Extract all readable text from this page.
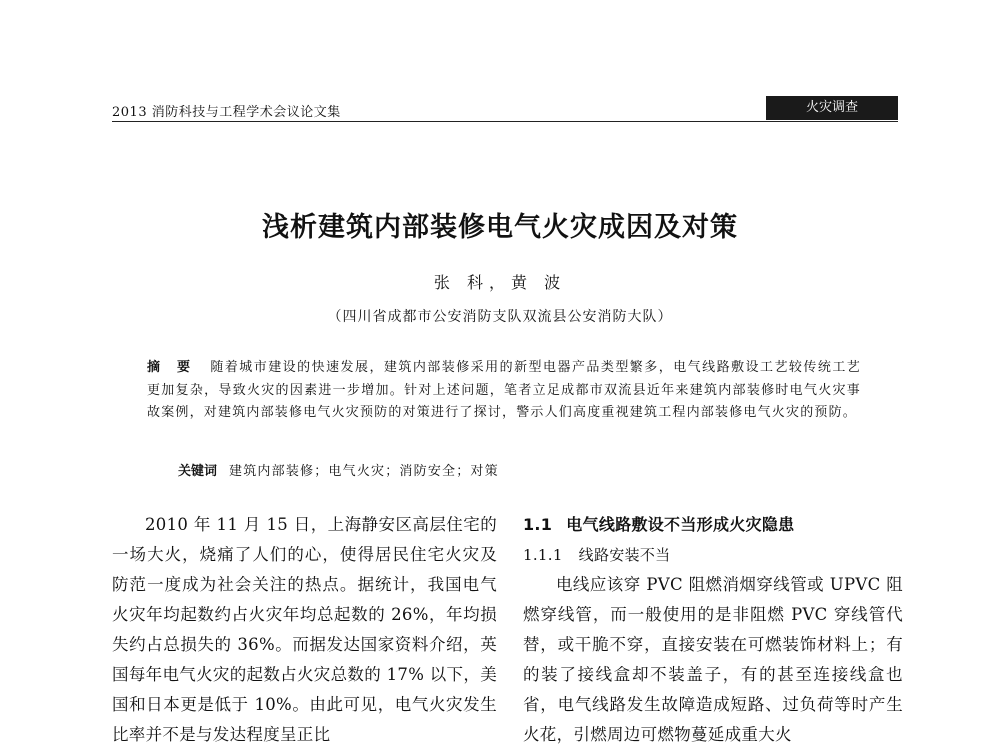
2013 消防科技与工程学术会议论文集	火灾调查
浅析建筑内部装修电气火灾成因及对策
张 科，黄 波
（四川省成都市公安消防支队双流县公安消防大队）
摘 要 随着城市建设的快速发展，建筑内部装修采用的新型电器产品类型繁多，电气线路敷设工艺较传统工艺更加复杂，导致火灾的因素进一步增加。针对上述问题，笔者立足成都市双流县近年来建筑内部装修时电气火灾事故案例，对建筑内部装修电气火灾预防的对策进行了探讨，警示人们高度重视建筑工程内部装修电气火灾的预防。
关键词 建筑内部装修；电气火灾；消防安全；对策

2010 年 11 月 15 日，上海静安区高层住宅的一场大火，烧痛了人们的心，使得居民住宅火灾及防范一度成为社会关注的热点。据统计，我国电气火灾年均起数约占火灾年均总起数的 26%，年均损失约占总损失的 36%。而据发达国家资料介绍，英国每年电气火灾的起数占火灾总数的 17% 以下，美国和日本更是低于 10%。由此可见，电气火灾发生比率并不是与发达程度呈正比

1.1 电气线路敷设不当形成火灾隐患
1.1.1 线路安装不当

电线应该穿 PVC 阻燃消烟穿线管或 UPVC 阻燃穿线管，而一般使用的是非阻燃 PVC 穿线管代替，或干脆不穿，直接安装在可燃装饰材料上；有的装了接线盒却不装盖子，有的甚至连接线盒也省，电气线路发生故障造成短路、过负荷等时产生火花，引燃周边可燃物蔓延成重大火
